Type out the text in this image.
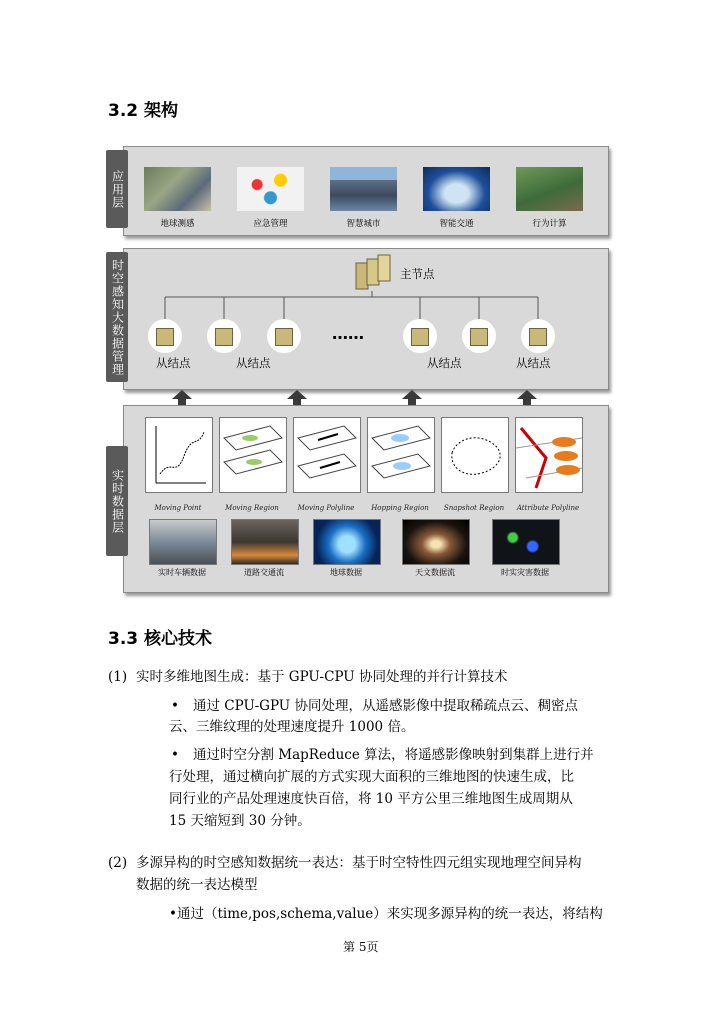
3.2 架构
地球测感	应急管理	智慧城市	智能交通	行为计算
应用层
主节点
……
从结点	从结点	从结点	从结点
时空感知大数据管理
Moving Point	Moving Region	Moving Polyline	Hopping Region	Snapshot Region	Attribute Polyline
实时车辆数据	道路交通流	地球数据	天文数据流	时实灾害数据
实时数据层
3.3 核心技术
(1) 实时多维地图生成：基于 GPU-CPU 协同处理的并行计算技术
• 通过 CPU-GPU 协同处理，从遥感影像中提取稀疏点云、稠密点
云、三维纹理的处理速度提升 1000 倍。
• 通过时空分割 MapReduce 算法，将遥感影像映射到集群上进行并
行处理，通过横向扩展的方式实现大面积的三维地图的快速生成，比
同行业的产品处理速度快百倍，将 10 平方公里三维地图生成周期从
15 天缩短到 30 分钟。
(2) 多源异构的时空感知数据统一表达：基于时空特性四元组实现地理空间异构
数据的统一表达模型
•通过（time,pos,schema,value）来实现多源异构的统一表达，将结构
第 5页
